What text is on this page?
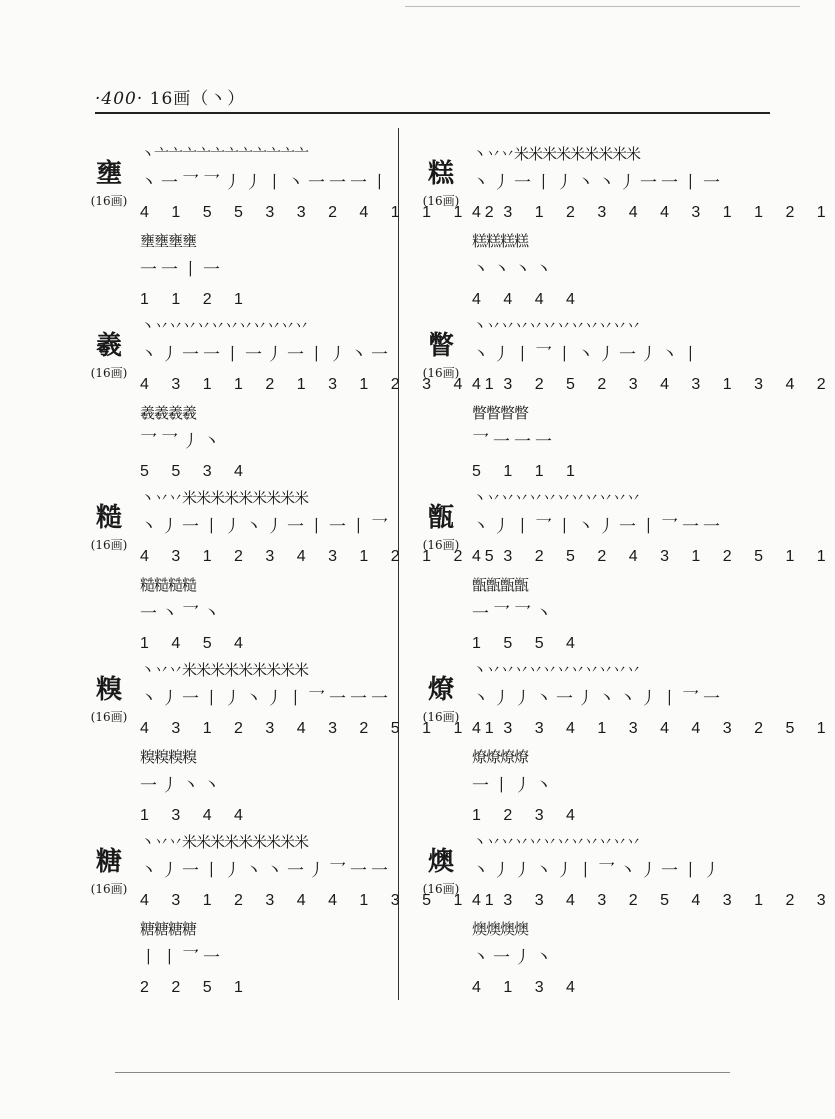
·400· 16画（丶）
壅
(16画)
丶亠亠亠亠亠亠亠亠亠亠亠
丶一乛乛丿丿丨丶一一一丨
4 1 5 5 3 3 2 4 1 1 1 2
壅壅壅壅
一一丨一
1 1 2 1
羲
(16画)
丶丷丷丷丷丷丷丷丷丷丷丷
丶丿一一丨一丿一丨丿丶一
4 3 1 1 2 1 3 1 2 3 4 1
羲羲羲羲
乛乛丿丶
5 5 3 4
糙
(16画)
丶丷丷米米米米米米米米米
丶丿一丨丿丶丿一丨一丨乛
4 3 1 2 3 4 3 1 2 1 2 5
糙糙糙糙
一丶乛丶
1 4 5 4
糗
(16画)
丶丷丷米米米米米米米米米
丶丿一丨丿丶丿丨乛一一一
4 3 1 2 3 4 3 2 5 1 1 1
糗糗糗糗
一丿丶丶
1 3 4 4
糖
(16画)
丶丷丷米米米米米米米米米
丶丿一丨丿丶丶一丿乛一一
4 3 1 2 3 4 4 1 3 5 1 1
糖糖糖糖
丨丨乛一
2 2 5 1
糕
(16画)
丶丷丷米米米米米米米米米
丶丿一丨丿丶丶丿一一丨一
4 3 1 2 3 4 4 3 1 1 2 1
糕糕糕糕
丶丶丶丶
4 4 4 4
瞥
(16画)
丶丷丷丷丷丷丷丷丷丷丷丷
丶丿丨乛丨丶丿一丿丶丨
4 3 2 5 2 3 4 3 1 3 4 2
瞥瞥瞥瞥
乛一一一
5 1 1 1
甑
(16画)
丶丷丷丷丷丷丷丷丷丷丷丷
丶丿丨乛丨丶丿一丨乛一一
4 3 2 5 2 4 3 1 2 5 1 1
甑甑甑甑
一乛乛丶
1 5 5 4
燎
(16画)
丶丷丷丷丷丷丷丷丷丷丷丷
丶丿丿丶一丿丶丶丿丨乛一
4 3 3 4 1 3 4 4 3 2 5 1
燎燎燎燎
一丨丿丶
1 2 3 4
燠
(16画)
丶丷丷丷丷丷丷丷丷丷丷丷
丶丿丿丶丿丨乛丶丿一丨丿
4 3 3 4 3 2 5 4 3 1 2 3
燠燠燠燠
丶一丿丶
4 1 3 4
